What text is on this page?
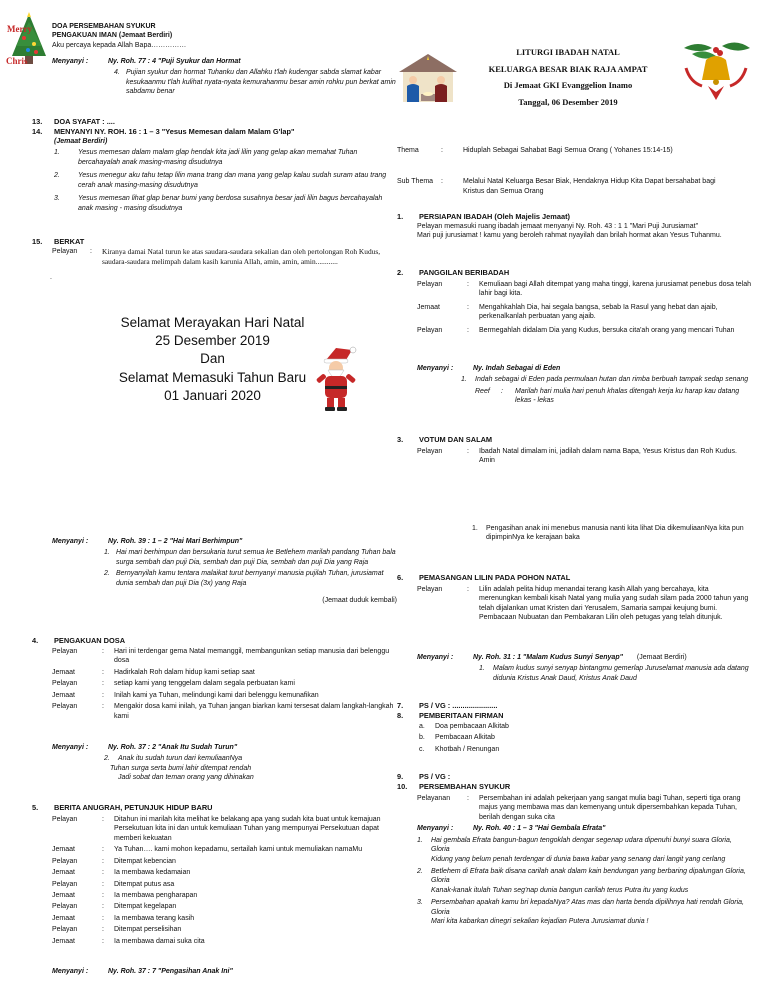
Merry
Chris
DOA PERSEMBAHAN SYUKUR
PENGAKUAN IMAN (Jemaat Berdiri)
Aku percaya kepada Allah Bapa……………
Menyanyi :	Ny. Roh. 77 : 4 "Puji Syukur dan Hormat
4. Pujian syukur dan hormat Tuhanku dan Allahku t'lah kudengar sabda slamat kabar kesukaanmu t'lah kulihat nyata-nyata kemurahanmu besar amin rohku pun berkat amin sabdamu benar
13. DOA SYAFAT : ....
14. MENYANYI NY. ROH. 16 : 1 – 3 "Yesus Memesan dalam Malam G'lap"
(Jemaat Berdiri)
1.	Yesus memesan dalam malam glap hendak kita jadi lilin yang gelap akan memahat Tuhan bercahayalah anak masing-masing disudutnya
2.	Yesus menegur aku tahu tetap lilin mana trang dan mana yang gelap kalau sudah suram atau trang cerah anak masing-masing disudutnya
3.	Yesus memesan lihat glap benar bumi yang berdosa susahnya besar jadi lilin bagus bercahayalah anak masing - masing disudutnya
15. BERKAT
Pelayan	:	Kiranya damai Natal turun ke atas saudara-saudara sekalian dan oleh pertolongan Roh Kudus, saudara-saudara melimpah dalam kasih karunia Allah, amin, amin, amin............
.
Selamat Merayakan Hari Natal
25 Desember 2019
Dan
Selamat Memasuki Tahun Baru
01 Januari 2020
Menyanyi :	Ny. Roh. 39 : 1 – 2 "Hai Mari Berhimpun"
1. Hai mari berhimpun dan bersukaria turut semua ke Betlehem marilah pandang Tuhan bala surga sembah dan puji Dia, sembah dan puji Dia, sembah dan puji Dia yang Raja
2. Bernyanyilah kamu tentara malaikat turut bernyanyi manusia pujilah Tuhan, jurusiamat dunia sembah dan puji Dia (3x) yang Raja
(Jemaat duduk kembali)
4. PENGAKUAN DOSA
Pelayan	:	Hari ini terdengar gema Natal memanggil, membangunkan setiap manusia dari belenggu dosa
Jemaat	:	Hadirkalah Roh dalam hidup kami setiap saat
Pelayan	:	setiap kami yang tenggelam dalam segala perbuatan kami
Jemaat	:	Inilah kami ya Tuhan, melindungi kami dari belenggu kemunafikan
Pelayan	:	Mengakir dosa kami inilah, ya Tuhan jangan biarkan kami tersesat dalam langkah-langkah kami
Menyanyi :	Ny. Roh. 37 : 2 "Anak Itu Sudah Turun"
2.	Anak itu sudah turun dari kemuliaanNya
Tuhan surga serta bumi lahir ditempat rendah
Jadi sobat dan teman orang yang dihinakan
5. BERITA ANUGRAH, PETUNJUK HIDUP BARU
Pelayan	:	Ditahun ini marilah kita melihat ke belakang apa yang sudah kita buat untuk kemajuan Persekutuan kita ini dan untuk kemuliaan Tuhan yang mempunyai Persekutuan dapat memberi kekuatan
Jemaat	:	Ya Tuhan…. kami mohon kepadamu, sertailah kami untuk memuliakan namaMu
Pelayan	:	Ditempat kebencian
Jemaat	:	Ia membawa kedamaian
Pelayan	:	Ditempat putus asa
Jemaat	:	Ia membawa pengharapan
Pelayan	:	Ditempat kegelapan
Jemaat	:	Ia membawa terang kasih
Pelayan	:	Ditempat perselisihan
Jemaat	:	Ia membawa damai suka cita
Menyanyi :	Ny. Roh. 37 : 7 "Pengasihan Anak Ini"
LITURGI IBADAH NATAL
KELUARGA BESAR BIAK RAJA AMPAT
Di Jemaat GKI Evanggelion Inamo
Tanggal, 06 Desember 2019
Thema	:	Hiduplah Sebagai Sahabat Bagi Semua Orang ( Yohanes 15:14-15)
Sub Thema	:	Melalui Natal Keluarga Besar Biak, Hendaknya Hidup Kita Dapat bersahabat bagi Kristus dan Semua Orang
1. PERSIAPAN IBADAH (Oleh Majelis Jemaat)
Pelayan memasuki ruang ibadah jemaat menyanyi Ny. Roh. 43 : 1 1 "Mari Puji Jurusiamat"
Mari puji jurusiamat ! kamu yang beroleh rahmat nyayilah dan brilah hormat akan Yesus Tuhanmu.
2. PANGGILAN BERIBADAH
Pelayan	:	Kemuliaan bagi Allah ditempat yang maha tinggi, karena jurusiamat penebus dosa telah lahir bagi kita.
Jemaat	:	Mengahkahlah Dia, hai segala bangsa, sebab Ia Rasul yang hebat dan ajaib, perkenalkanlah perbuatan yang ajaib.
Pelayan	:	Bermegahlah didalam Dia yang Kudus, bersuka cita'ah orang yang mencari Tuhan
Menyanyi :	Ny. Indah Sebagai di Eden
1.	Indah sebagai di Eden pada permulaan hutan dan rimba berbuah tampak sedap senang
Reef	:	Marilah hari mulia hari penuh khalas ditengah kerja ku harap kau datang lekas - lekas
3. VOTUM DAN SALAM
Pelayan	:	Ibadah Natal dimalam ini, jadilah dalam nama Bapa, Yesus Kristus dan Roh Kudus. Amin
1.	Pengasihan anak ini menebus manusia nanti kita lihat Dia dikemuliaanNya kita pun dipimpinNya ke kerajaan baka
6. PEMASANGAN LILIN PADA POHON NATAL
Pelayan	:	Lilin adalah pelita hidup menandai terang kasih Allah yang bercahaya, kita merenungkan kembali kisah Natal yang mulia yang sudah silam pada 2000 tahun yang telah dijalankan umat Kristen dari Yerusalem, Samaria sampai keujung bumi. Pembacaan Nubuatan dan Pembakaran Lilin oleh petugas yang telah ditunjuk.
Menyanyi :	Ny. Roh. 31 : 1 "Malam Kudus Sunyi Senyap" (Jemaat Berdiri)
1.	Malam kudus sunyi senyap bintangmu gemerlap Juruselamat manusia ada datang didunia Kristus Anak Daud, Kristus Anak Daud
7. PS / VG : ......................
8. PEMBERITAAN FIRMAN
a.	Doa pembacaan Alkitab
b.	Pembacaan Alkitab
c.	Khotbah / Renungan
9. PS / VG :
10. PERSEMBAHAN SYUKUR
Pelayanan	:	Persembahan ini adalah pekerjaan yang sangat mulia bagi Tuhan, seperti tiga orang majus yang membawa mas dan kemenyang untuk dipersembahkan kepada Tuhan, berilah dengan suka cita
Menyanyi :	Ny. Roh. 40 : 1 – 3 "Hai Gembala Efrata"
1.	Hai gembala Efrata bangun-bagun tengoklah dengar segenap udara dipenuhi bunyi suara Gloria, Gloria
Kidung yang belum penah terdengar di dunia bawa kabar yang senang dari langit yang cerlang
2.	Betlehem di Efrata baik disana carilah anak dalam kain bendungan yang berbaring dipalungan Gloria, Gloria
Kanak-kanak itulah Tuhan seg'nap dunia bangun carilah terus Putra itu yang kudus
3.	Persembahan apakah kamu bri kepadaNya? Atas mas dan harta benda dipilihnya hati rendah Gloria, Gloria
Mari kita kabarkan dinegri sekalian kejadian Putera Jurusiamat dunia !
